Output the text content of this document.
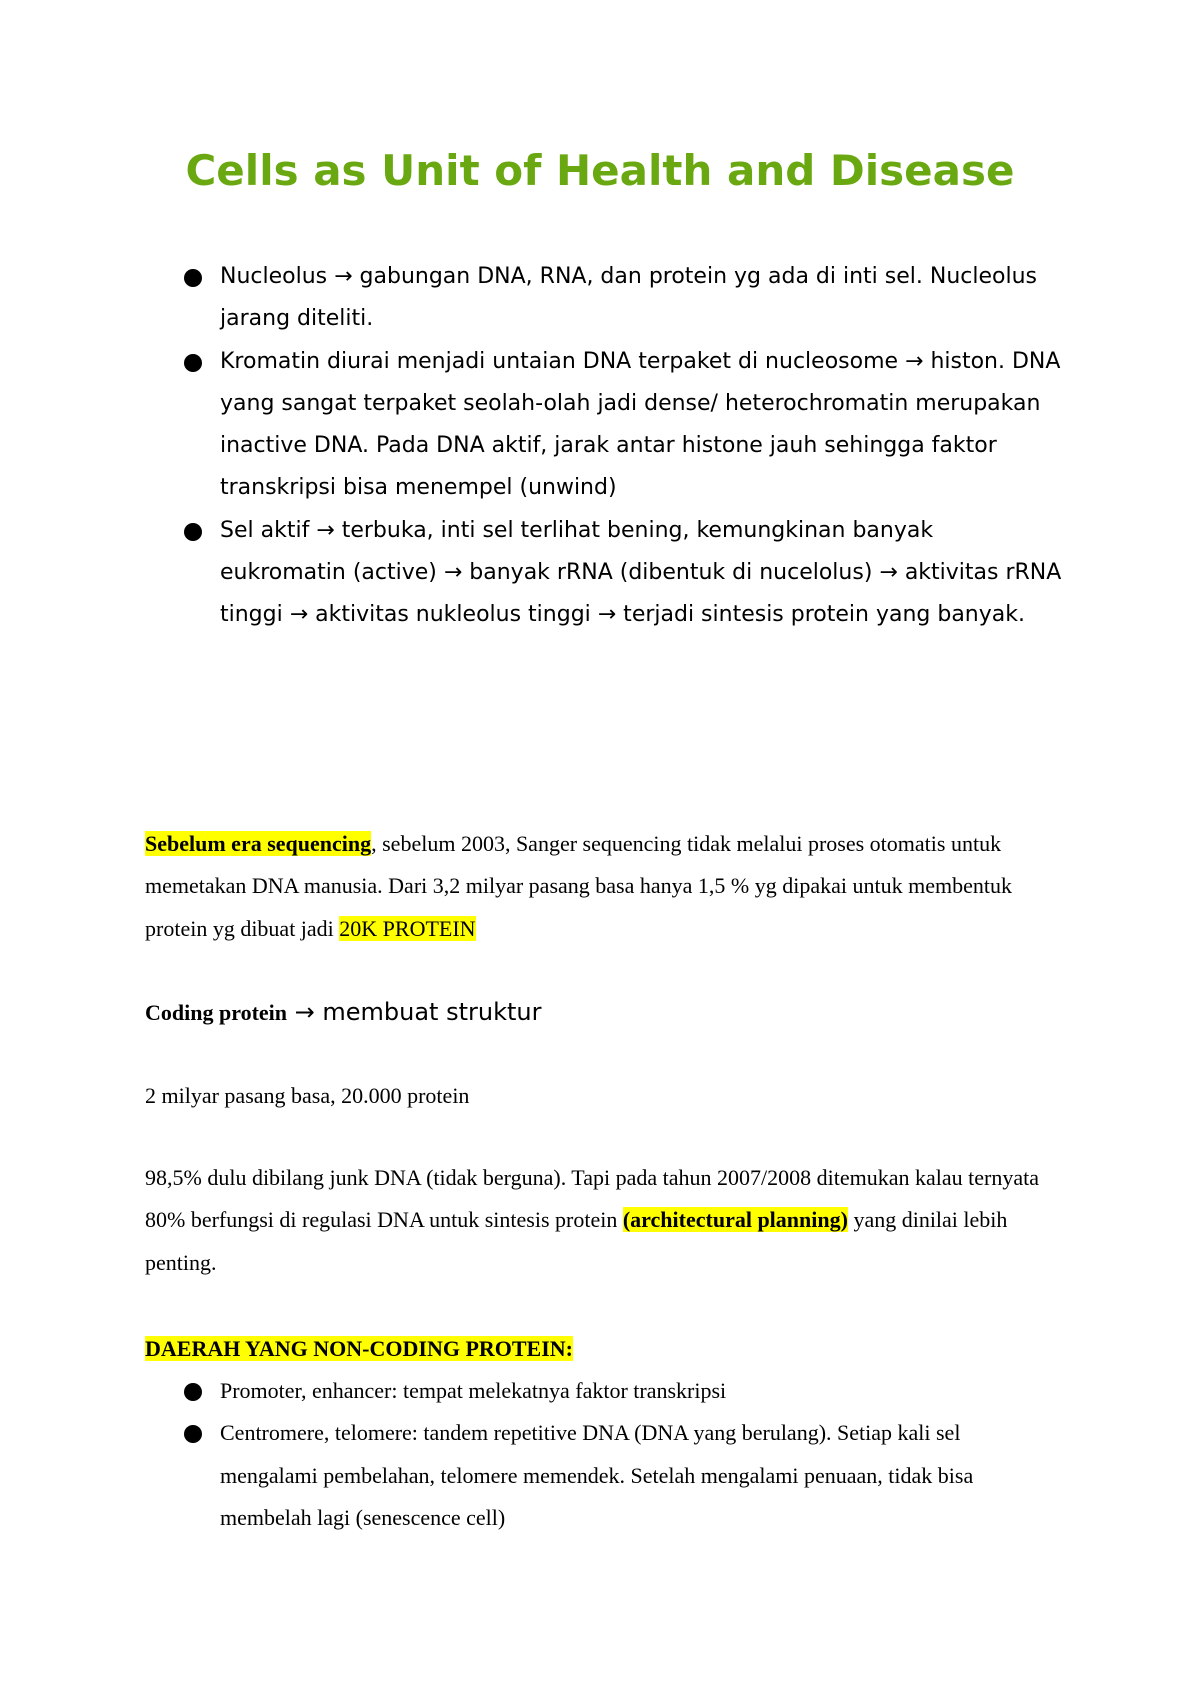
Cells as Unit of Health and Disease
Nucleolus → gabungan DNA, RNA, dan protein yg ada di inti sel. Nucleolus jarang diteliti.
Kromatin diurai menjadi untaian DNA terpaket di nucleosome → histon. DNA yang sangat terpaket seolah-olah jadi dense/ heterochromatin merupakan inactive DNA. Pada DNA aktif, jarak antar histone jauh sehingga faktor transkripsi bisa menempel (unwind)
Sel aktif → terbuka, inti sel terlihat bening, kemungkinan banyak eukromatin (active) → banyak rRNA (dibentuk di nucelolus) → aktivitas rRNA tinggi → aktivitas nukleolus tinggi → terjadi sintesis protein yang banyak.

Sebelum era sequencing, sebelum 2003, Sanger sequencing tidak melalui proses otomatis untuk memetakan DNA manusia. Dari 3,2 milyar pasang basa hanya 1,5 % yg dipakai untuk membentuk protein yg dibuat jadi 20K PROTEIN

Coding protein → membuat struktur

2 milyar pasang basa, 20.000 protein

98,5% dulu dibilang junk DNA (tidak berguna). Tapi pada tahun 2007/2008 ditemukan kalau ternyata 80% berfungsi di regulasi DNA untuk sintesis protein (architectural planning) yang dinilai lebih penting.

DAERAH YANG NON-CODING PROTEIN:

Promoter, enhancer: tempat melekatnya faktor transkripsi
Centromere, telomere: tandem repetitive DNA (DNA yang berulang). Setiap kali sel mengalami pembelahan, telomere memendek. Setelah mengalami penuaan, tidak bisa membelah lagi (senescence cell)
